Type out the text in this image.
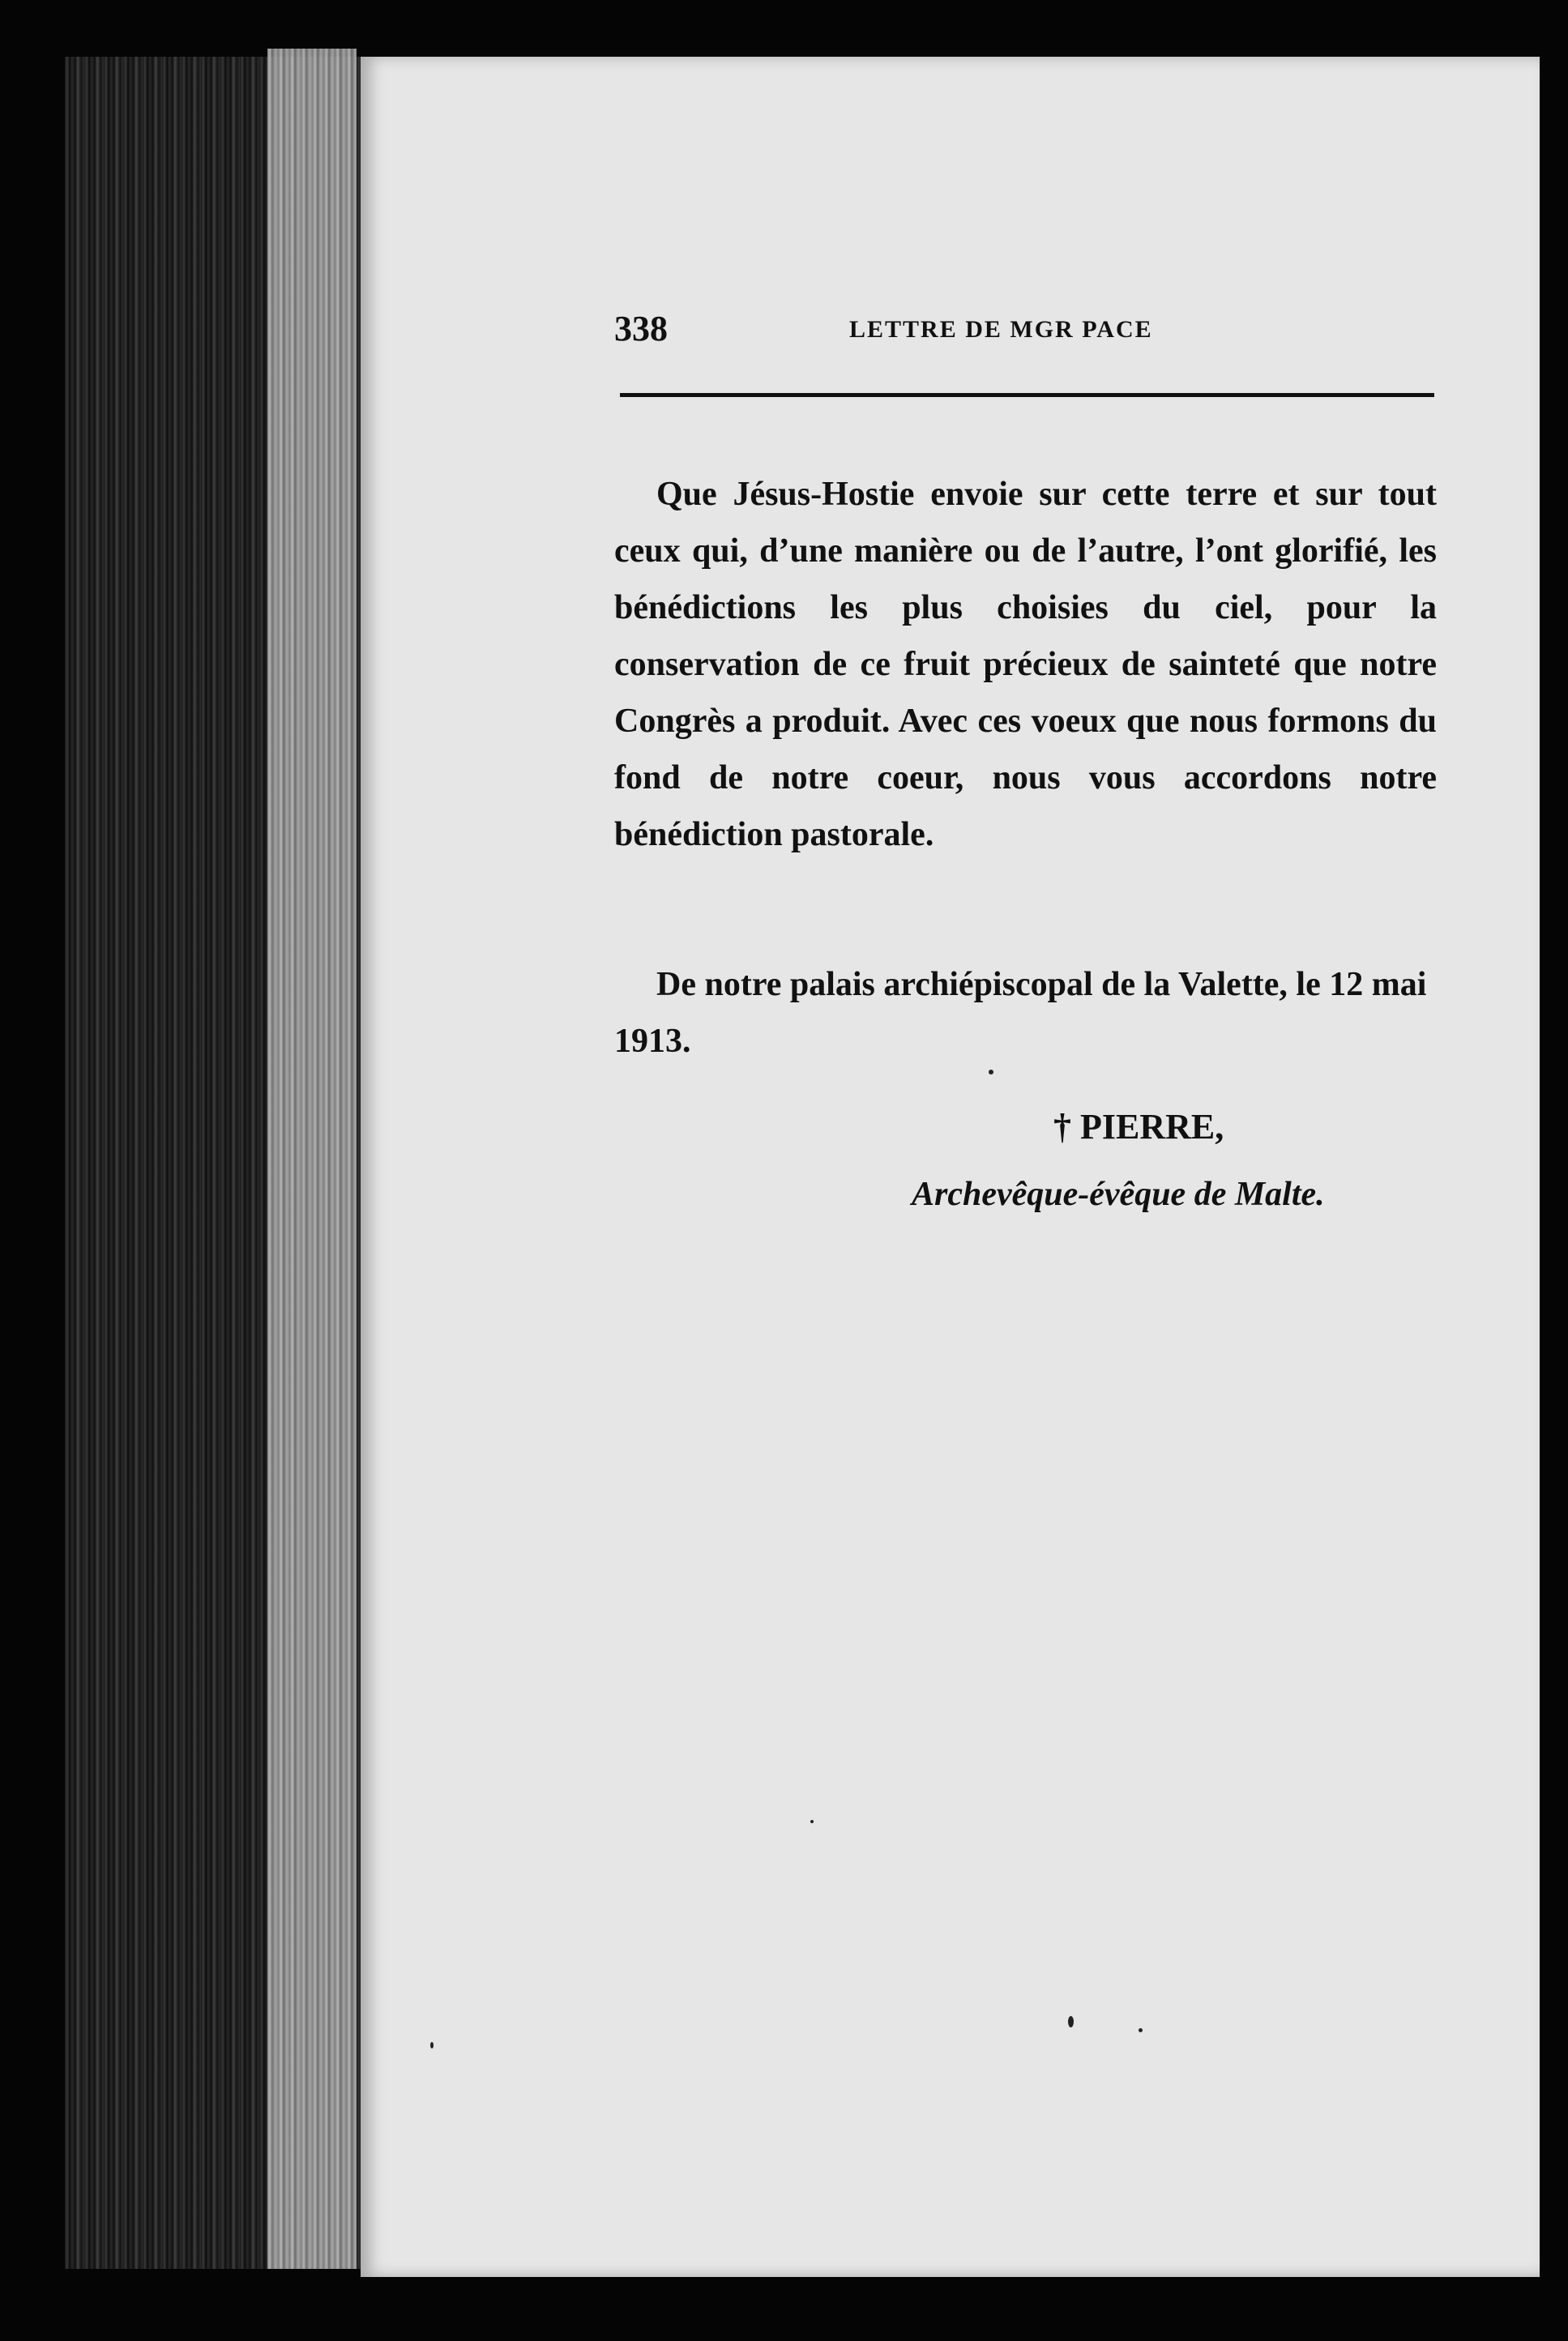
338	LETTRE DE MGR PACE

Que Jésus-Hostie envoie sur cette terre et sur tout ceux qui, d’une manière ou de l’autre, l’ont glorifié, les bénédictions les plus choisies du ciel, pour la conservation de ce fruit précieux de sainteté que notre Congrès a produit. Avec ces voeux que nous formons du fond de notre coeur, nous vous accordons notre bénédiction pastorale.

De notre palais archiépiscopal de la Valette, le 12 mai 1913.

† PIERRE,
Archevêque-évêque de Malte.
